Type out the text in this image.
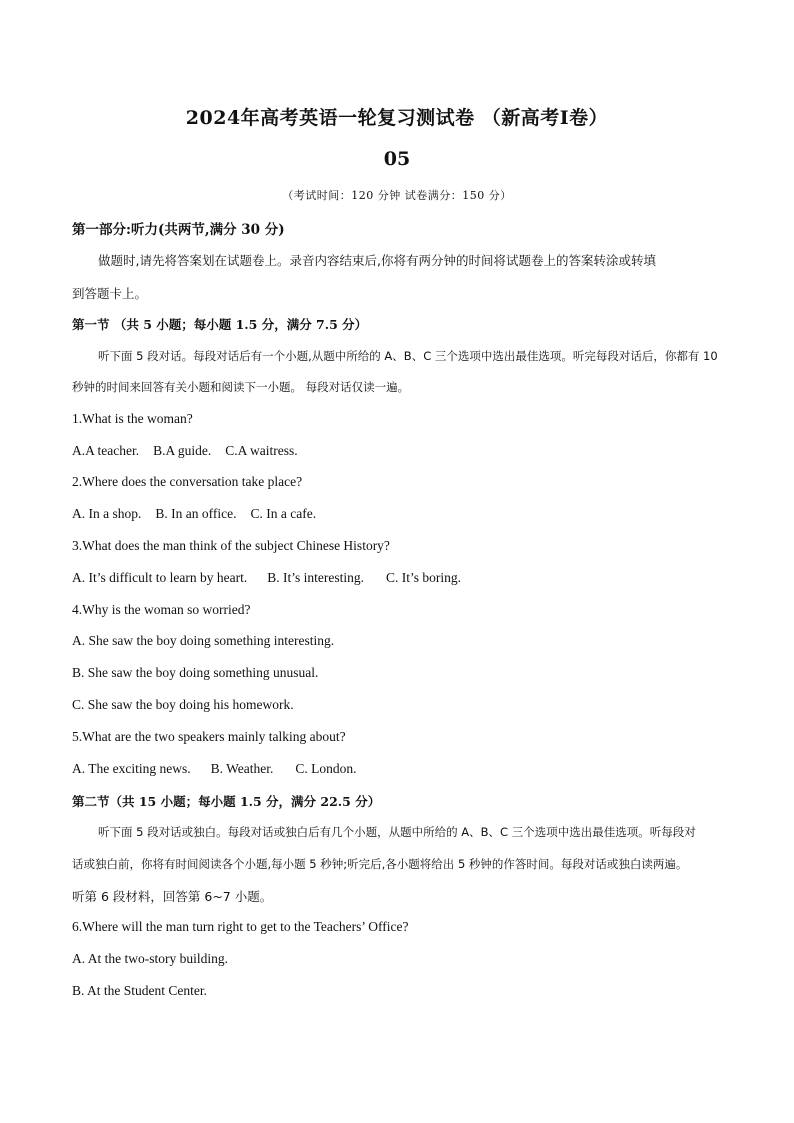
2024年高考英语一轮复习测试卷 （新高考Ⅰ卷）
05
（考试时间：120 分钟 试卷满分：150 分）
第一部分:听力(共两节,满分 30 分)
做题时,请先将答案划在试题卷上。录音内容结束后,你将有两分钟的时间将试题卷上的答案转涂或转填
到答题卡上。
第一节 （共 5 小题；每小题 1.5 分，满分 7.5 分）
听下面 5 段对话。每段对话后有一个小题,从题中所给的 A、B、C 三个选项中选出最佳选项。听完每段对话后，你都有 10
秒钟的时间来回答有关小题和阅读下一小题。 每段对话仅读一遍。
1.What is the woman?
A.A teacher. B.A guide. C.A waitress.
2.Where does the conversation take place?
A. In a shop. B. In an office. C. In a cafe.
3.What does the man think of the subject Chinese History?
A. It’s difficult to learn by heart. B. It’s interesting. C. It’s boring.
4.Why is the woman so worried?
A. She saw the boy doing something interesting.
B. She saw the boy doing something unusual.
C. She saw the boy doing his homework.
5.What are the two speakers mainly talking about?
A. The exciting news. B. Weather. C. London.
第二节（共 15 小题；每小题 1.5 分，满分 22.5 分）
听下面 5 段对话或独白。每段对话或独白后有几个小题，从题中所给的 A、B、C 三个选项中选出最佳选项。听每段对
话或独白前，你将有时间阅读各个小题,每小题 5 秒钟;听完后,各小题将给出 5 秒钟的作答时间。每段对话或独白读两遍。
听第 6 段材料，回答第 6~7 小题。
6.Where will the man turn right to get to the Teachers’ Office?
A. At the two-story building.
B. At the Student Center.
